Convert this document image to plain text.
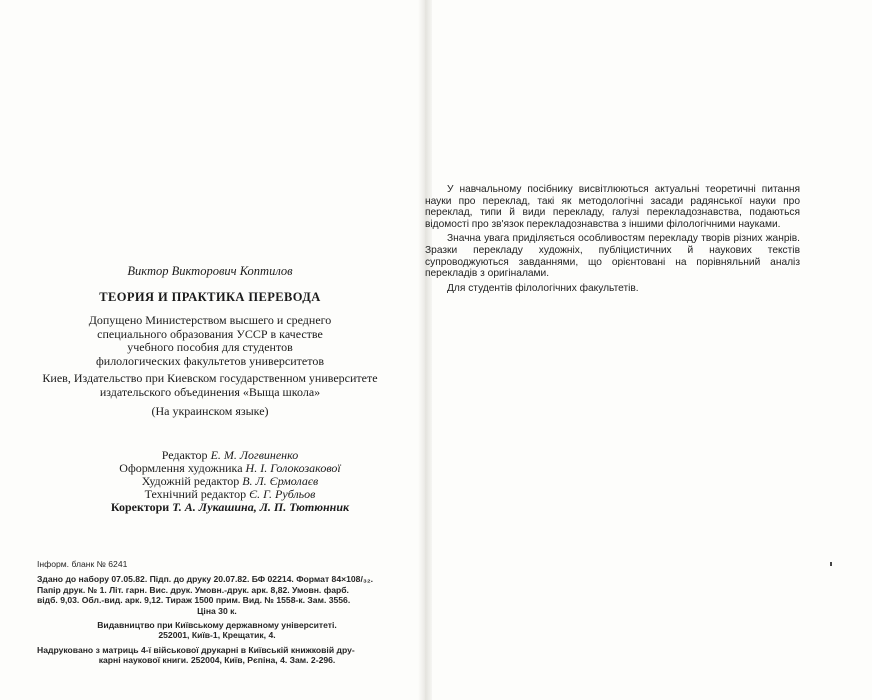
Виктор Викторович Коптилов
ТЕОРИЯ И ПРАКТИКА ПЕРЕВОДА
Допущено Министерством высшего и среднего
специального образования УССР в качестве
учебного пособия для студентов
филологических факультетов университетов
Киев, Издательство при Киевском государственном университете
издательского объединения «Выща школа»
(На украинском языке)
Редактор Е. М. Логвиненко
Оформлення художника Н. І. Голокозакової
Художній редактор В. Л. Єрмолаєв
Технічний редактор Є. Г. Рубльов
Коректори Т. А. Лукашина, Л. П. Тютюнник
Інформ. бланк № 6241
Здано до набору 07.05.82. Підп. до друку 20.07.82. БФ 02214. Формат 84×108/₃₂.
Папір друк. № 1. Літ. гарн. Вис. друк. Умовн.-друк. арк. 8,82. Умовн. фарб.
відб. 9,03. Обл.-вид. арк. 9,12. Тираж 1500 прим. Вид. № 1558-к. Зам. 3556.
Ціна 30 к.
Видавництво при Київському державному університеті.
252001, Київ-1, Крещатик, 4.
Надруковано з матриць 4-ї військової друкарні в Київській книжковій дру-
карні наукової книги. 252004, Київ, Рєпіна, 4. Зам. 2-296.
У навчальному посібнику висвітлюються актуальні теоретичні питання науки про переклад, такі як методологічні засади радянської науки про переклад, типи й види перекладу, галузі перекладознавства, подаються відомості про зв'язок перекладознавства з іншими філологічними науками.
Значна увага приділяється особливостям перекладу творів різних жанрів. Зразки перекладу художніх, публіцистичних й наукових текстів супроводжуються завданнями, що орієнтовані на порівняльний аналіз перекладів з оригіналами.
Для студентів філологічних факультетів.
